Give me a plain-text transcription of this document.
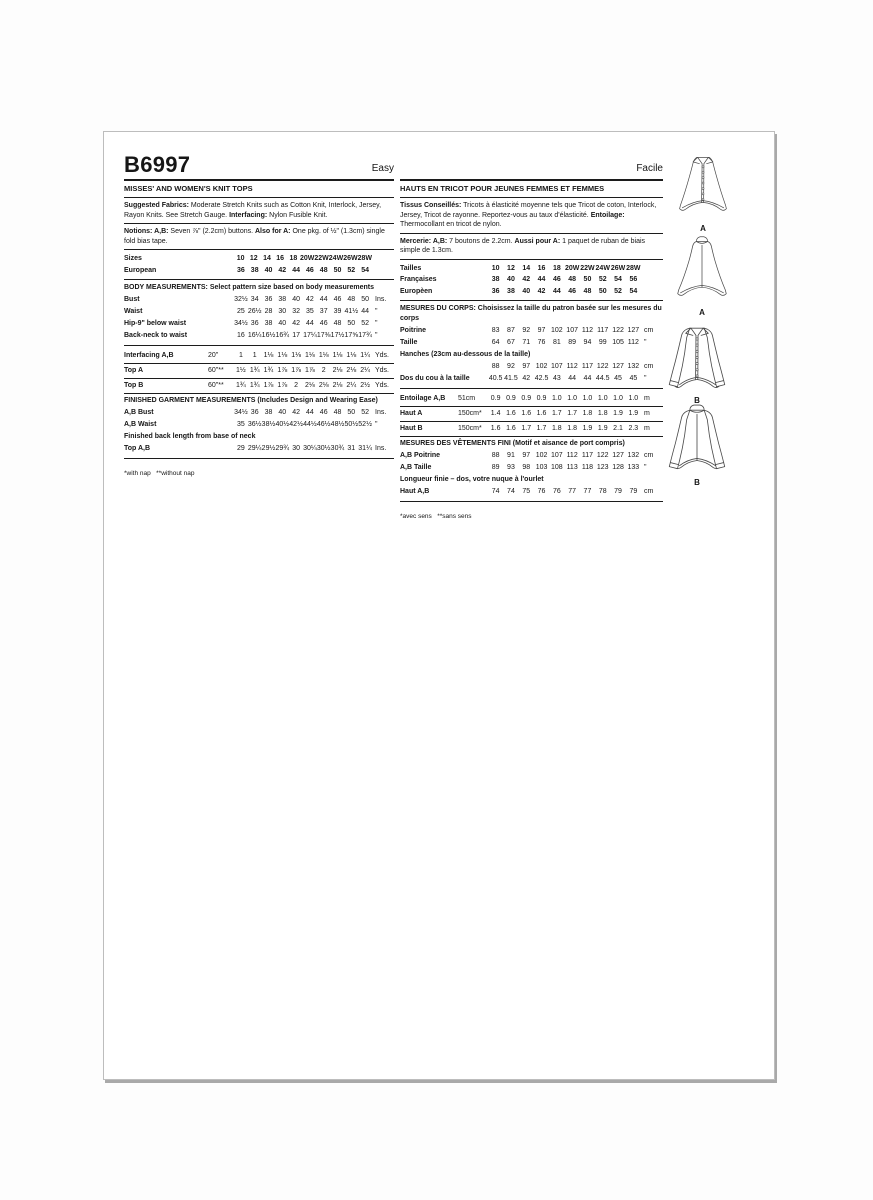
B6997	Easy
MISSES' AND WOMEN'S KNIT TOPS

Suggested Fabrics: Moderate Stretch Knits such as Cotton Knit, Interlock, Jersey, Rayon Knits. See Stretch Gauge. Interfacing: Nylon Fusible Knit.

Notions: A,B: Seven ⅞" (2.2cm) buttons. Also for A: One pkg. of ½" (1.3cm) single fold bias tape.

Sizes	10 12 14 16 18 20W 22W 24W 26W 28W
European	36 38 40 42 44 46 48 50 52 54
BODY MEASUREMENTS: Select pattern size based on body measurements
Bust	32½ 34 36 38 40 42 44 46 48 50 Ins.
Waist	25 26½ 28 30 32 35 37 39 41½ 44 "
Hip-9" below waist	34½ 36 38 40 42 44 46 48 50 52 "
Back-neck to waist	16 16¼ 16½ 16¾ 17 17¼ 17⅜ 17½ 17⅝ 17¾ "
Interfacing A,B	20"	1	1 1⅛ 1⅛ 1⅛ 1⅛ 1⅛ 1⅛ 1⅛ 1¼ Yds.
Top A	60"**	1½ 1¾ 1¾ 1⅞ 1⅞ 1⅞ 2 2⅛ 2⅛ 2¼ Yds.
Top B	60"**	1¾ 1¾ 1⅞ 1⅞ 2 2⅛ 2⅛ 2⅛ 2¼ 2½ Yds.
FINISHED GARMENT MEASUREMENTS (Includes Design and Wearing Ease)
A,B Bust	34½ 36 38 40 42 44 46 48 50 52 Ins.
A,B Waist	35 36½ 38½ 40½ 42½ 44½ 46½ 48½ 50½ 52½ "
Finished back length from base of neck
Top A,B	29 29¼ 29½ 29¾ 30 30¼ 30½ 30¾ 31 31¼ Ins.
*with nap   **without nap
Facile
HAUTS EN TRICOT POUR JEUNES FEMMES ET FEMMES

Tissus Conseillés: Tricots à élasticité moyenne tels que Tricot de coton, Interlock, Jersey, Tricot de rayonne. Reportez-vous au taux d'élasticité. Entoilage: Thermocollant en tricot de nylon.

Mercerie: A,B: 7 boutons de 2.2cm. Aussi pour A: 1 paquet de ruban de biais simple de 1.3cm.

Tailles	10	12	14	16	18 20W 22W 24W 26W 28W
Françaises	38	40	42	44	46	48	50	52	54	56
Europèen	36	38	40	42	44	46	48	50	52	54
MESURES DU CORPS: Choisissez la taille du patron basée sur les mesures du corps
Poitrine	83	87	92	97 102 107 112 117 122 127 cm
Taille	64	67	71	76	81	89	94	99 105 112 "
Hanches (23cm au-dessous de la taille)
88	92	97 102 107 112 117 122 127 132 cm
Dos du cou à la taille	40.5 41.5 42 42.5 43	44	44 44.5 45	45 "
Entoilage A,B	51cm	0.9 0.9 0.9 0.9 1.0 1.0 1.0 1.0 1.0 1.0 m
Haut A	150cm*	1.4 1.6 1.6 1.6 1.7 1.7 1.8 1.8 1.9 1.9 m
Haut B	150cm*	1.6 1.6 1.7 1.7 1.8 1.8 1.9 1.9 2.1 2.3 m
MESURES DES VÊTEMENTS FINI (Motif et aisance de port compris)
A,B Poitrine	88	91	97 102 107 112 117 122 127 132 cm
A,B Taille	89	93	98 103 108 113 118 123 128 133 "
Longueur finie – dos, votre nuque à l'ourlet
Haut A,B	74	74	75	76	76	77	77	78	79	79 cm
*avec sens   **sans sens
A
A
B
B
